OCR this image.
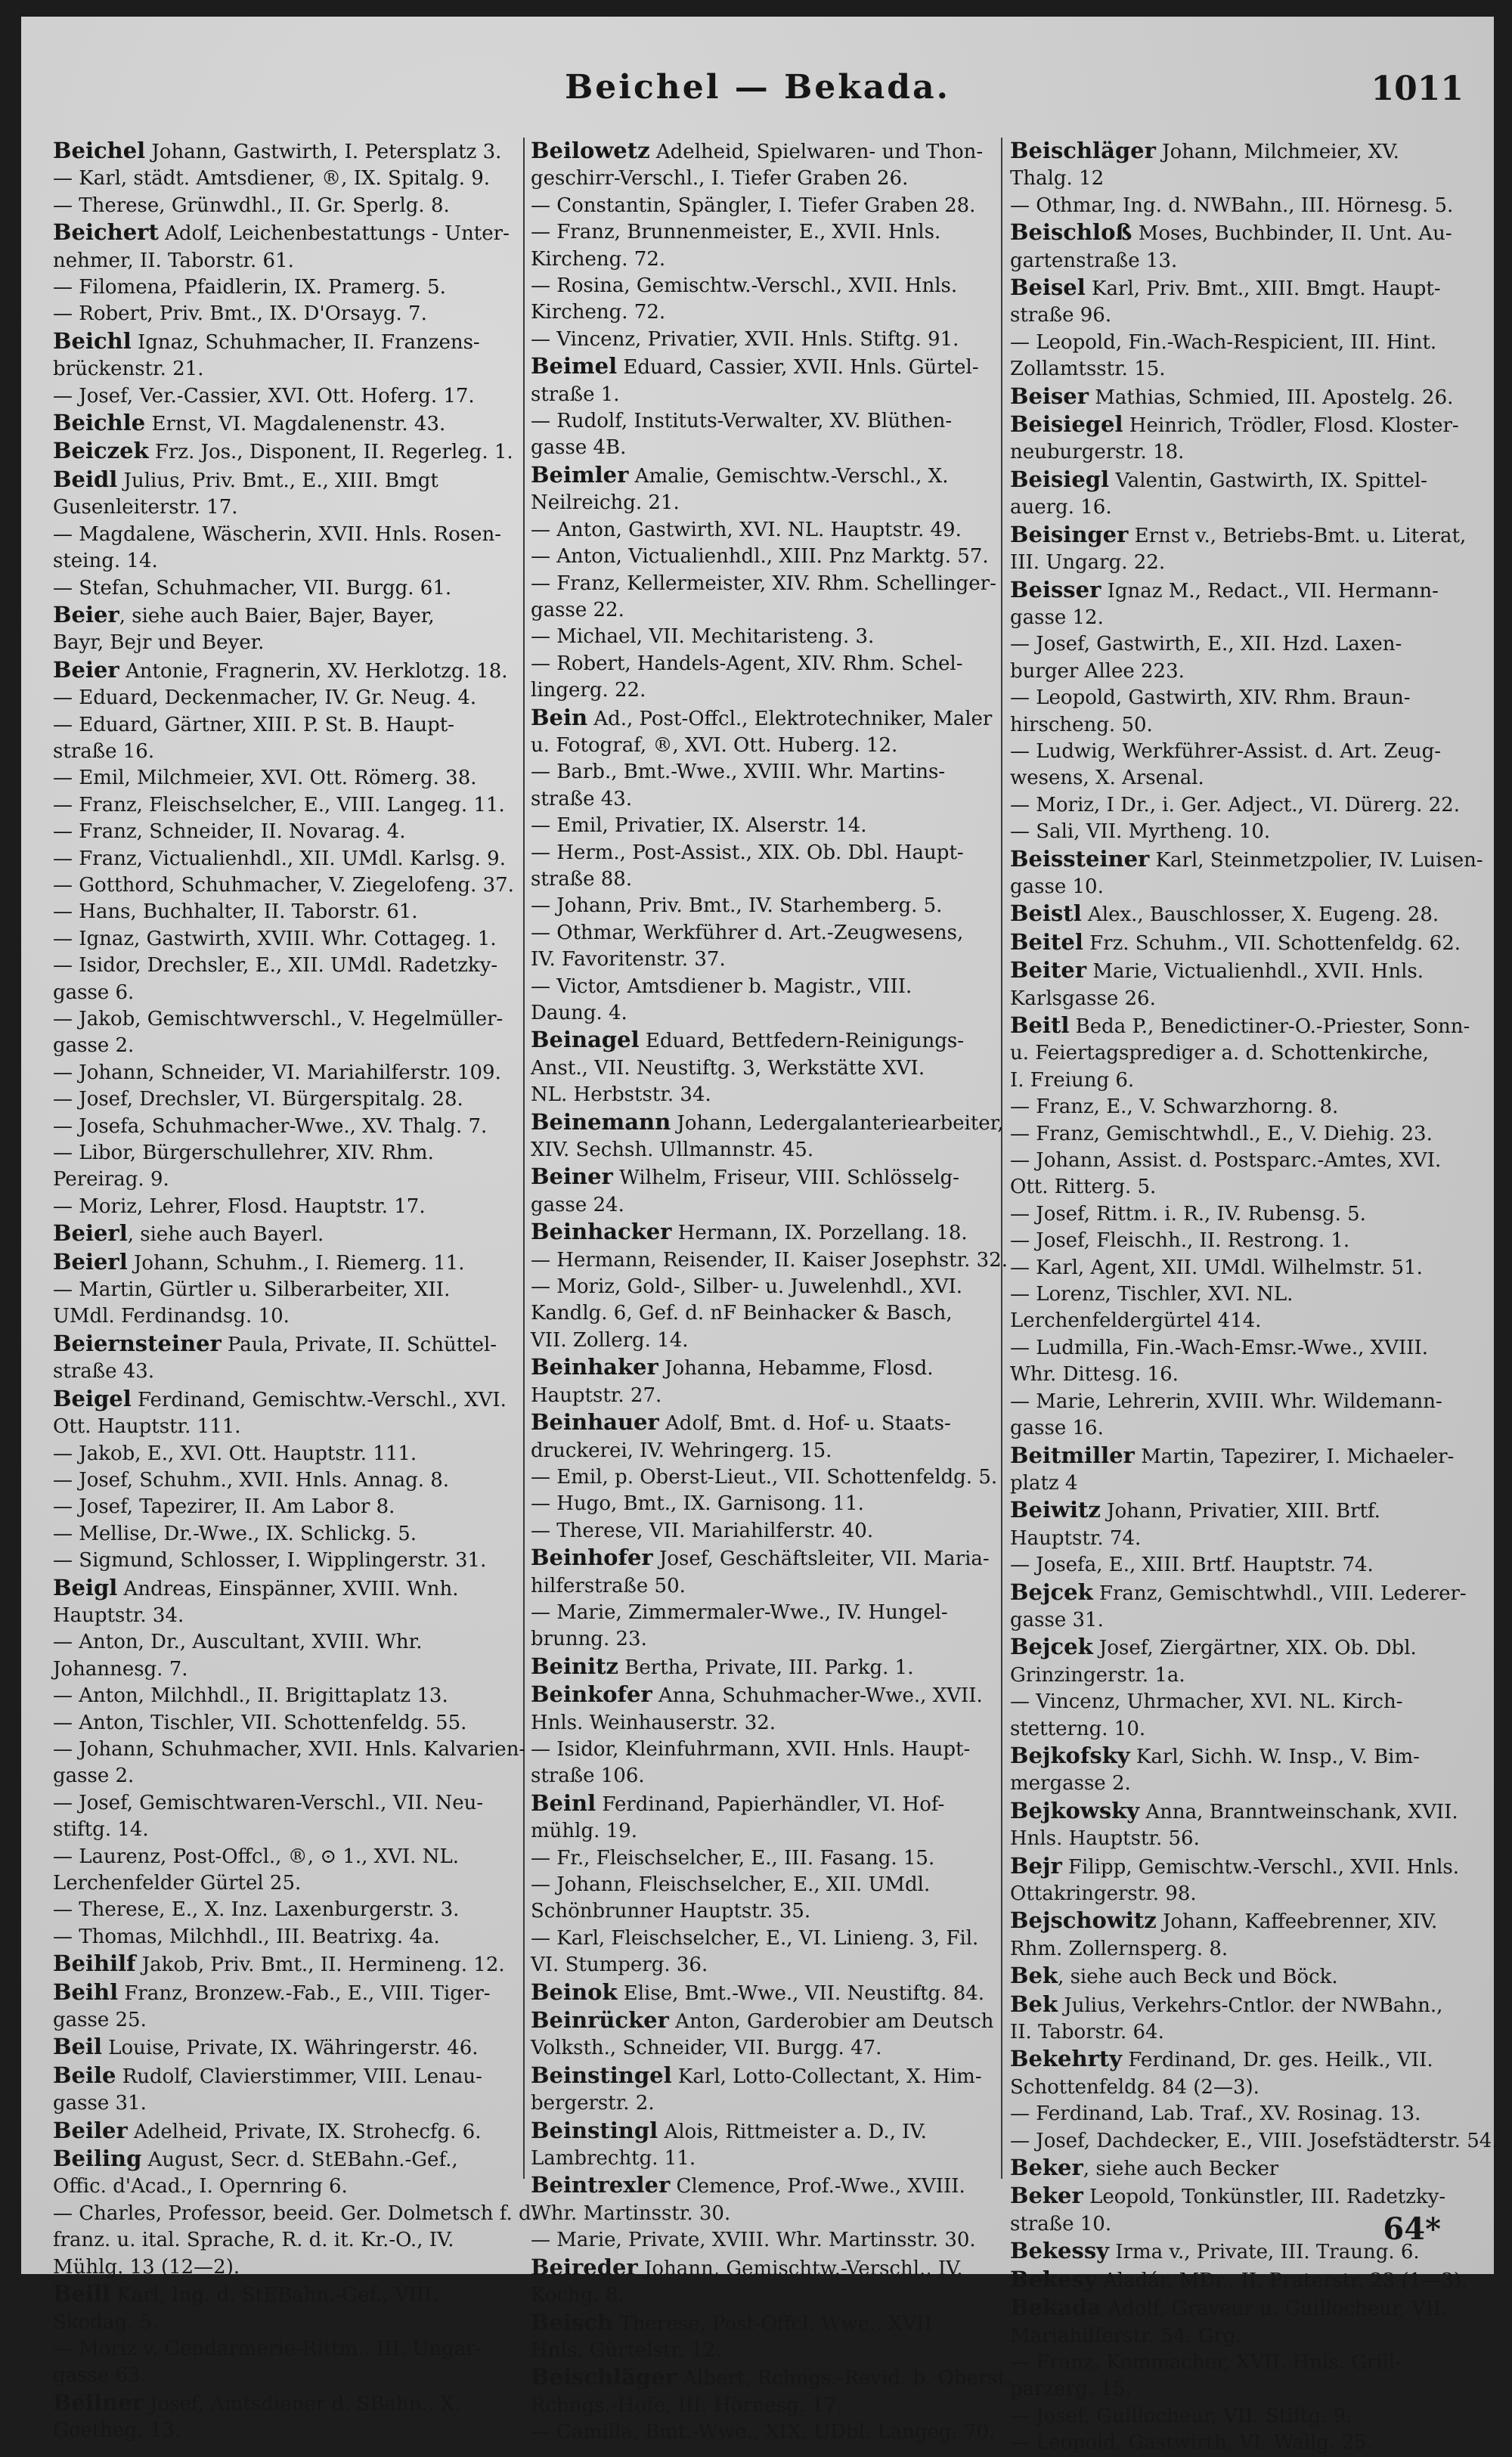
Beichel — Bekada.	1011
Beichel Johann, Gastwirth, I. Petersplatz 3.
— Karl, städt. Amtsdiener, ®, IX. Spitalg. 9.
— Therese, Grünwdhl., II. Gr. Sperlg. 8.
Beichert Adolf, Leichenbestattungs - Unter-
nehmer, II. Taborstr. 61.
— Filomena, Pfaidlerin, IX. Pramerg. 5.
— Robert, Priv. Bmt., IX. D'Orsayg. 7.
Beichl Ignaz, Schuhmacher, II. Franzens-
brückenstr. 21.
— Josef, Ver.-Cassier, XVI. Ott. Hoferg. 17.
Beichle Ernst, VI. Magdalenenstr. 43.
Beiczek Frz. Jos., Disponent, II. Regerleg. 1.
Beidl Julius, Priv. Bmt., E., XIII. Bmgt
Gusenleiterstr. 17.
— Magdalene, Wäscherin, XVII. Hnls. Rosen-
steing. 14.
— Stefan, Schuhmacher, VII. Burgg. 61.
Beier, siehe auch Baier, Bajer, Bayer,
Bayr, Bejr und Beyer.
Beier Antonie, Fragnerin, XV. Herklotzg. 18.
— Eduard, Deckenmacher, IV. Gr. Neug. 4.
— Eduard, Gärtner, XIII. P. St. B. Haupt-
straße 16.
— Emil, Milchmeier, XVI. Ott. Römerg. 38.
— Franz, Fleischselcher, E., VIII. Langeg. 11.
— Franz, Schneider, II. Novarag. 4.
— Franz, Victualienhdl., XII. UMdl. Karlsg. 9.
— Gotthord, Schuhmacher, V. Ziegelofeng. 37.
— Hans, Buchhalter, II. Taborstr. 61.
— Ignaz, Gastwirth, XVIII. Whr. Cottageg. 1.
— Isidor, Drechsler, E., XII. UMdl. Radetzky-
gasse 6.
— Jakob, Gemischtwverschl., V. Hegelmüller-
gasse 2.
— Johann, Schneider, VI. Mariahilferstr. 109.
— Josef, Drechsler, VI. Bürgerspitalg. 28.
— Josefa, Schuhmacher-Wwe., XV. Thalg. 7.
— Libor, Bürgerschullehrer, XIV. Rhm.
Pereirag. 9.
— Moriz, Lehrer, Flosd. Hauptstr. 17.
Beierl, siehe auch Bayerl.
Beierl Johann, Schuhm., I. Riemerg. 11.
— Martin, Gürtler u. Silberarbeiter, XII.
UMdl. Ferdinandsg. 10.
Beiernsteiner Paula, Private, II. Schüttel-
straße 43.
Beigel Ferdinand, Gemischtw.-Verschl., XVI.
Ott. Hauptstr. 111.
— Jakob, E., XVI. Ott. Hauptstr. 111.
— Josef, Schuhm., XVII. Hnls. Annag. 8.
— Josef, Tapezirer, II. Am Labor 8.
— Mellise, Dr.-Wwe., IX. Schlickg. 5.
— Sigmund, Schlosser, I. Wipplingerstr. 31.
Beigl Andreas, Einspänner, XVIII. Wnh.
Hauptstr. 34.
— Anton, Dr., Auscultant, XVIII. Whr.
Johannesg. 7.
— Anton, Milchhdl., II. Brigittaplatz 13.
— Anton, Tischler, VII. Schottenfeldg. 55.
— Johann, Schuhmacher, XVII. Hnls. Kalvarien-
gasse 2.
— Josef, Gemischtwaren-Verschl., VII. Neu-
stiftg. 14.
— Laurenz, Post-Offcl., ®, ⊙ 1., XVI. NL.
Lerchenfelder Gürtel 25.
— Therese, E., X. Inz. Laxenburgerstr. 3.
— Thomas, Milchhdl., III. Beatrixg. 4a.
Beihilf Jakob, Priv. Bmt., II. Hermineng. 12.
Beihl Franz, Bronzew.-Fab., E., VIII. Tiger-
gasse 25.
Beil Louise, Private, IX. Währingerstr. 46.
Beile Rudolf, Clavierstimmer, VIII. Lenau-
gasse 31.
Beiler Adelheid, Private, IX. Strohecfg. 6.
Beiling August, Secr. d. StEBahn.-Gef.,
Offic. d'Acad., I. Opernring 6.
— Charles, Professor, beeid. Ger. Dolmetsch f. d.
franz. u. ital. Sprache, R. d. it. Kr.-O., IV.
Mühlg. 13 (12—2).
Beill Karl, Ing. d. StEBahn.-Gef., VIII.
Skodag. 5.
— Moriz v. Gendarmerie-Rittm., III. Ungar-
gasse 63.
Beilner Josef, Amtsdiener d. SBahn., X.
Goetheg. 13.
Beilowetz Adelheid, Spielwaren- und Thon-
geschirr-Verschl., I. Tiefer Graben 26.
— Constantin, Spängler, I. Tiefer Graben 28.
— Franz, Brunnenmeister, E., XVII. Hnls.
Kircheng. 72.
— Rosina, Gemischtw.-Verschl., XVII. Hnls.
Kircheng. 72.
— Vincenz, Privatier, XVII. Hnls. Stiftg. 91.
Beimel Eduard, Cassier, XVII. Hnls. Gürtel-
straße 1.
— Rudolf, Instituts-Verwalter, XV. Blüthen-
gasse 4B.
Beimler Amalie, Gemischtw.-Verschl., X.
Neilreichg. 21.
— Anton, Gastwirth, XVI. NL. Hauptstr. 49.
— Anton, Victualienhdl., XIII. Pnz Marktg. 57.
— Franz, Kellermeister, XIV. Rhm. Schellinger-
gasse 22.
— Michael, VII. Mechitaristeng. 3.
— Robert, Handels-Agent, XIV. Rhm. Schel-
lingerg. 22.
Bein Ad., Post-Offcl., Elektrotechniker, Maler
u. Fotograf, ®, XVI. Ott. Huberg. 12.
— Barb., Bmt.-Wwe., XVIII. Whr. Martins-
straße 43.
— Emil, Privatier, IX. Alserstr. 14.
— Herm., Post-Assist., XIX. Ob. Dbl. Haupt-
straße 88.
— Johann, Priv. Bmt., IV. Starhemberg. 5.
— Othmar, Werkführer d. Art.-Zeugwesens,
IV. Favoritenstr. 37.
— Victor, Amtsdiener b. Magistr., VIII.
Daung. 4.
Beinagel Eduard, Bettfedern-Reinigungs-
Anst., VII. Neustiftg. 3, Werkstätte XVI.
NL. Herbststr. 34.
Beinemann Johann, Ledergalanteriearbeiter,
XIV. Sechsh. Ullmannstr. 45.
Beiner Wilhelm, Friseur, VIII. Schlösselg-
gasse 24.
Beinhacker Hermann, IX. Porzellang. 18.
— Hermann, Reisender, II. Kaiser Josephstr. 32.
— Moriz, Gold-, Silber- u. Juwelenhdl., XVI.
Kandlg. 6, Gef. d. nF Beinhacker & Basch,
VII. Zollerg. 14.
Beinhaker Johanna, Hebamme, Flosd.
Hauptstr. 27.
Beinhauer Adolf, Bmt. d. Hof- u. Staats-
druckerei, IV. Wehringerg. 15.
— Emil, p. Oberst-Lieut., VII. Schottenfeldg. 5.
— Hugo, Bmt., IX. Garnisong. 11.
— Therese, VII. Mariahilferstr. 40.
Beinhofer Josef, Geschäftsleiter, VII. Maria-
hilferstraße 50.
— Marie, Zimmermaler-Wwe., IV. Hungel-
brunng. 23.
Beinitz Bertha, Private, III. Parkg. 1.
Beinkofer Anna, Schuhmacher-Wwe., XVII.
Hnls. Weinhauserstr. 32.
— Isidor, Kleinfuhrmann, XVII. Hnls. Haupt-
straße 106.
Beinl Ferdinand, Papierhändler, VI. Hof-
mühlg. 19.
— Fr., Fleischselcher, E., III. Fasang. 15.
— Johann, Fleischselcher, E., XII. UMdl.
Schönbrunner Hauptstr. 35.
— Karl, Fleischselcher, E., VI. Linieng. 3, Fil.
VI. Stumperg. 36.
Beinok Elise, Bmt.-Wwe., VII. Neustiftg. 84.
Beinrücker Anton, Garderobier am Deutsch
Volksth., Schneider, VII. Burgg. 47.
Beinstingel Karl, Lotto-Collectant, X. Him-
bergerstr. 2.
Beinstingl Alois, Rittmeister a. D., IV.
Lambrechtg. 11.
Beintrexler Clemence, Prof.-Wwe., XVIII.
Whr. Martinsstr. 30.
— Marie, Private, XVIII. Whr. Martinsstr. 30.
Beireder Johann, Gemischtw.-Verschl., IV.
Kochg. 8.
Beisch Therese, Post-Offcl. Wwe., XVII
Hnls. Gürtelstr. 12.
Beischläger Albert, Rchngs.-Revid. b. Oberst.
Rchngs.-Hofe, III. Hörnesg. 17.
— Camilla, Bmt.-Wwe., XIX. UDbl. Langeg. 70.
Beischläger Johann, Milchmeier, XV.
Thalg. 12
— Othmar, Ing. d. NWBahn., III. Hörnesg. 5.
Beischloß Moses, Buchbinder, II. Unt. Au-
gartenstraße 13.
Beisel Karl, Priv. Bmt., XIII. Bmgt. Haupt-
straße 96.
— Leopold, Fin.-Wach-Respicient, III. Hint.
Zollamtsstr. 15.
Beiser Mathias, Schmied, III. Apostelg. 26.
Beisiegel Heinrich, Trödler, Flosd. Kloster-
neuburgerstr. 18.
Beisiegl Valentin, Gastwirth, IX. Spittel-
auerg. 16.
Beisinger Ernst v., Betriebs-Bmt. u. Literat,
III. Ungarg. 22.
Beisser Ignaz M., Redact., VII. Hermann-
gasse 12.
— Josef, Gastwirth, E., XII. Hzd. Laxen-
burger Allee 223.
— Leopold, Gastwirth, XIV. Rhm. Braun-
hirscheng. 50.
— Ludwig, Werkführer-Assist. d. Art. Zeug-
wesens, X. Arsenal.
— Moriz, I Dr., i. Ger. Adject., VI. Dürerg. 22.
— Sali, VII. Myrtheng. 10.
Beissteiner Karl, Steinmetzpolier, IV. Luisen-
gasse 10.
Beistl Alex., Bauschlosser, X. Eugeng. 28.
Beitel Frz. Schuhm., VII. Schottenfeldg. 62.
Beiter Marie, Victualienhdl., XVII. Hnls.
Karlsgasse 26.
Beitl Beda P., Benedictiner-O.-Priester, Sonn-
u. Feiertagsprediger a. d. Schottenkirche,
I. Freiung 6.
— Franz, E., V. Schwarzhorng. 8.
— Franz, Gemischtwhdl., E., V. Diehig. 23.
— Johann, Assist. d. Postsparc.-Amtes, XVI.
Ott. Ritterg. 5.
— Josef, Rittm. i. R., IV. Rubensg. 5.
— Josef, Fleischh., II. Restrong. 1.
— Karl, Agent, XII. UMdl. Wilhelmstr. 51.
— Lorenz, Tischler, XVI. NL.
Lerchenfeldergürtel 414.
— Ludmilla, Fin.-Wach-Emsr.-Wwe., XVIII.
Whr. Dittesg. 16.
— Marie, Lehrerin, XVIII. Whr. Wildemann-
gasse 16.
Beitmiller Martin, Tapezirer, I. Michaeler-
platz 4
Beiwitz Johann, Privatier, XIII. Brtf.
Hauptstr. 74.
— Josefa, E., XIII. Brtf. Hauptstr. 74.
Bejcek Franz, Gemischtwhdl., VIII. Lederer-
gasse 31.
Bejcek Josef, Ziergärtner, XIX. Ob. Dbl.
Grinzingerstr. 1a.
— Vincenz, Uhrmacher, XVI. NL. Kirch-
stetterng. 10.
Bejkofsky Karl, Sichh. W. Insp., V. Bim-
mergasse 2.
Bejkowsky Anna, Branntweinschank, XVII.
Hnls. Hauptstr. 56.
Bejr Filipp, Gemischtw.-Verschl., XVII. Hnls.
Ottakringerstr. 98.
Bejschowitz Johann, Kaffeebrenner, XIV.
Rhm. Zollernsperg. 8.
Bek, siehe auch Beck und Böck.
Bek Julius, Verkehrs-Cntlor. der NWBahn.,
II. Taborstr. 64.
Bekehrty Ferdinand, Dr. ges. Heilk., VII.
Schottenfeldg. 84 (2—3).
— Ferdinand, Lab. Traf., XV. Rosinag. 13.
— Josef, Dachdecker, E., VIII. Josefstädterstr. 54.
Beker, siehe auch Becker
Beker Leopold, Tonkünstler, III. Radetzky-
straße 10.
Bekessy Irma v., Private, III. Traung. 6.
Bekesy Aladár, MDr., II. Praterstr. 23 (1—3).
Bekada Adolf, Graveur u. Guillocheur, VII.
Mariahilferstr. 54. Grg.
— Franz, Kommacher, XVII. Hnls. Grill-
parzerg. 15.
— Josef, Guillocheur, VII. Stiftg. 9.
— Leopold, Gastwirth, VI. Wallg. 25.
64*
